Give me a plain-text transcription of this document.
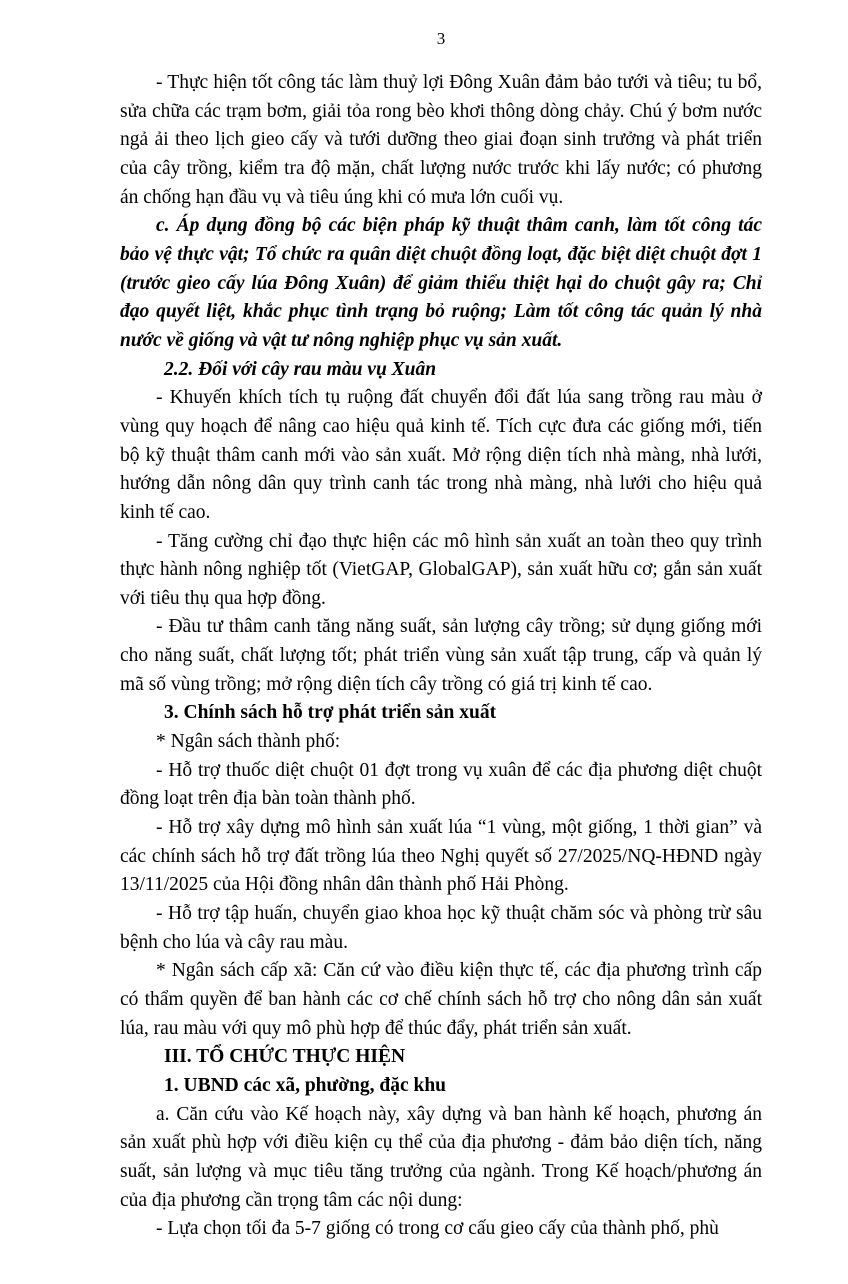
3

- Thực hiện tốt công tác làm thuỷ lợi Đông Xuân đảm bảo tưới và tiêu; tu bổ, sửa chữa các trạm bơm, giải tỏa rong bèo khơi thông dòng chảy. Chú ý bơm nước ngả ải theo lịch gieo cấy và tưới dưỡng theo giai đoạn sinh trưởng và phát triển của cây trồng, kiểm tra độ mặn, chất lượng nước trước khi lấy nước; có phương án chống hạn đầu vụ và tiêu úng khi có mưa lớn cuối vụ.

c. Áp dụng đồng bộ các biện pháp kỹ thuật thâm canh, làm tốt công tác bảo vệ thực vật; Tổ chức ra quân diệt chuột đồng loạt, đặc biệt diệt chuột đợt 1 (trước gieo cấy lúa Đông Xuân) để giảm thiểu thiệt hại do chuột gây ra; Chỉ đạo quyết liệt, khắc phục tình trạng bỏ ruộng; Làm tốt công tác quản lý nhà nước về giống và vật tư nông nghiệp phục vụ sản xuất.

2.2. Đối với cây rau màu vụ Xuân

- Khuyến khích tích tụ ruộng đất chuyển đổi đất lúa sang trồng rau màu ở vùng quy hoạch để nâng cao hiệu quả kinh tế. Tích cực đưa các giống mới, tiến bộ kỹ thuật thâm canh mới vào sản xuất. Mở rộng diện tích nhà màng, nhà lưới, hướng dẫn nông dân quy trình canh tác trong nhà màng, nhà lưới cho hiệu quả kinh tế cao.

- Tăng cường chỉ đạo thực hiện các mô hình sản xuất an toàn theo quy trình thực hành nông nghiệp tốt (VietGAP, GlobalGAP), sản xuất hữu cơ; gắn sản xuất với tiêu thụ qua hợp đồng.

- Đầu tư thâm canh tăng năng suất, sản lượng cây trồng; sử dụng giống mới cho năng suất, chất lượng tốt; phát triển vùng sản xuất tập trung, cấp và quản lý mã số vùng trồng; mở rộng diện tích cây trồng có giá trị kinh tế cao.

3. Chính sách hỗ trợ phát triển sản xuất

* Ngân sách thành phố:

- Hỗ trợ thuốc diệt chuột 01 đợt trong vụ xuân để các địa phương diệt chuột đồng loạt trên địa bàn toàn thành phố.

- Hỗ trợ xây dựng mô hình sản xuất lúa “1 vùng, một giống, 1 thời gian” và các chính sách hỗ trợ đất trồng lúa theo Nghị quyết số 27/2025/NQ-HĐND ngày 13/11/2025 của Hội đồng nhân dân thành phố Hải Phòng.

- Hỗ trợ tập huấn, chuyển giao khoa học kỹ thuật chăm sóc và phòng trừ sâu bệnh cho lúa và cây rau màu.

* Ngân sách cấp xã: Căn cứ vào điều kiện thực tế, các địa phương trình cấp có thẩm quyền để ban hành các cơ chế chính sách hỗ trợ cho nông dân sản xuất lúa, rau màu với quy mô phù hợp để thúc đẩy, phát triển sản xuất.

III. TỔ CHỨC THỰC HIỆN

1. UBND các xã, phường, đặc khu

a. Căn cứu vào Kế hoạch này, xây dựng và ban hành kế hoạch, phương án sản xuất phù hợp với điều kiện cụ thể của địa phương - đảm bảo diện tích, năng suất, sản lượng và mục tiêu tăng trưởng của ngành. Trong Kế hoạch/phương án của địa phương cần trọng tâm các nội dung:

- Lựa chọn tối đa 5-7 giống có trong cơ cấu gieo cấy của thành phố, phù
